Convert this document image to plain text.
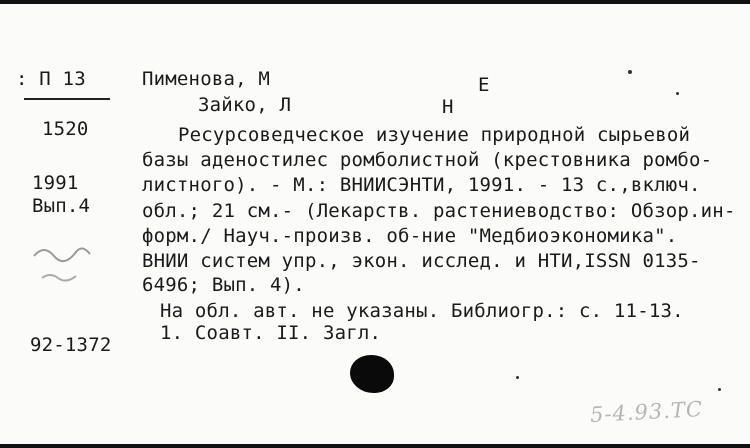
: П 13
1520
1991
Вып.4
92-1372
Пименова, М	Е
Зайко, Л	Н
Ресурсоведческое изучение природной сырьевой
базы аденостилес ромболистной (крестовника ромбо-
листного). - М.: ВНИИСЭНТИ, 1991. - 13 с.,включ.
обл.; 21 см.- (Лекарств. растениеводство: Обзор.ин-
форм./ Науч.-произв. об-ние "Медбиоэкономика".
ВНИИ систем упр., экон. исслед. и НТИ,ISSN 0135-
6496; Вып. 4).
На обл. авт. не указаны. Библиогр.: с. 11-13.
1. Соавт. II. Загл.
5-4.93.ТС
